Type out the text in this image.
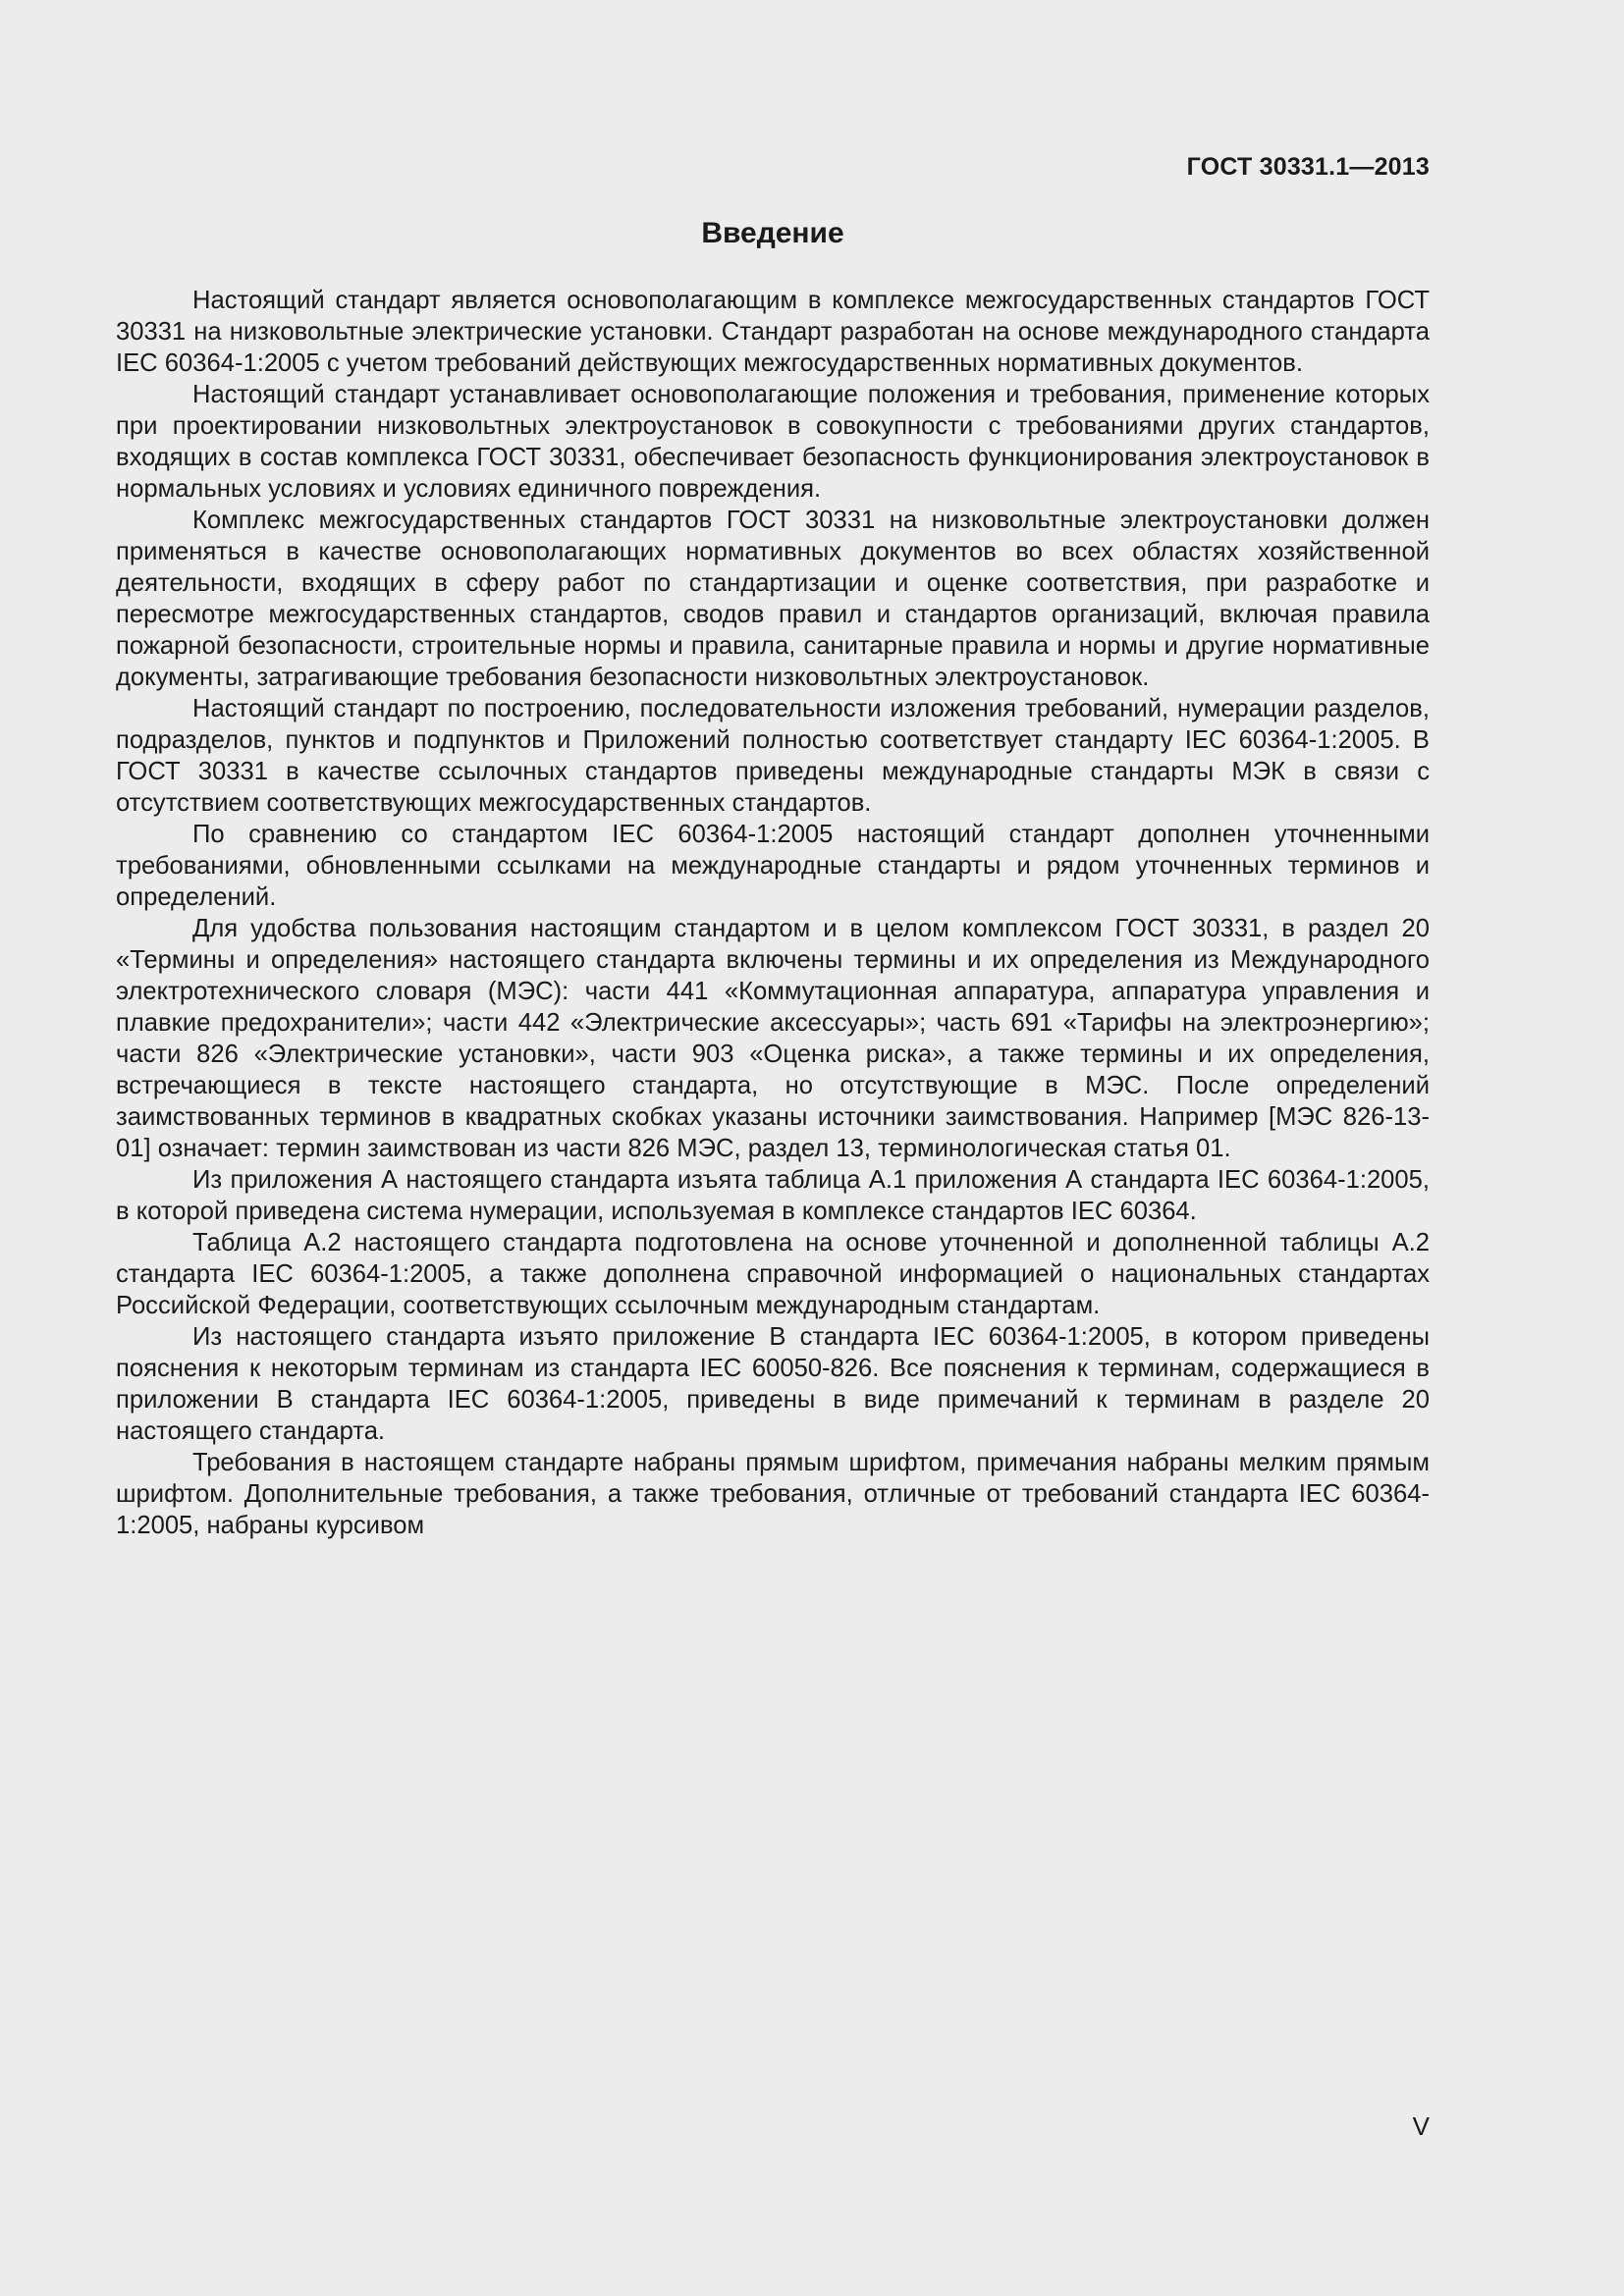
ГОСТ 30331.1—2013
Введение

Настоящий стандарт является основополагающим в комплексе межгосударственных стандартов ГОСТ 30331 на низковольтные электрические установки. Стандарт разработан на основе международного стандарта IEC 60364-1:2005 с учетом требований действующих межгосударственных нормативных документов.

Настоящий стандарт устанавливает основополагающие положения и требования, применение которых при проектировании низковольтных электроустановок в совокупности с требованиями других стандартов, входящих в состав комплекса ГОСТ 30331, обеспечивает безопасность функционирования электроустановок в нормальных условиях и условиях единичного повреждения.

Комплекс межгосударственных стандартов ГОСТ 30331 на низковольтные электроустановки должен применяться в качестве основополагающих нормативных документов во всех областях хозяйственной деятельности, входящих в сферу работ по стандартизации и оценке соответствия, при разработке и пересмотре межгосударственных стандартов, сводов правил и стандартов организаций, включая правила пожарной безопасности, строительные нормы и правила, санитарные правила и нормы и другие нормативные документы, затрагивающие требования безопасности низковольтных электроустановок.

Настоящий стандарт по построению, последовательности изложения требований, нумерации разделов, подразделов, пунктов и подпунктов и Приложений полностью соответствует стандарту IEC 60364-1:2005. В ГОСТ 30331 в качестве ссылочных стандартов приведены международные стандарты МЭК в связи с отсутствием соответствующих межгосударственных стандартов.

По сравнению со стандартом IEC 60364-1:2005 настоящий стандарт дополнен уточненными требованиями, обновленными ссылками на международные стандарты и рядом уточненных терминов и определений.

Для удобства пользования настоящим стандартом и в целом комплексом ГОСТ 30331, в раздел 20 «Термины и определения» настоящего стандарта включены термины и их определения из Международного электротехнического словаря (МЭС): части 441 «Коммутационная аппаратура, аппаратура управления и плавкие предохранители»; части 442 «Электрические аксессуары»; часть 691 «Тарифы на электроэнергию»; части 826 «Электрические установки», части 903 «Оценка риска», а также термины и их определения, встречающиеся в тексте настоящего стандарта, но отсутствующие в МЭС. После определений заимствованных терминов в квадратных скобках указаны источники заимствования. Например [МЭС 826-13-01] означает: термин заимствован из части 826 МЭС, раздел 13, терминологическая статья 01.

Из приложения А настоящего стандарта изъята таблица А.1 приложения А стандарта IEC 60364-1:2005, в которой приведена система нумерации, используемая в комплексе стандартов IEC 60364.

Таблица А.2 настоящего стандарта подготовлена на основе уточненной и дополненной таблицы А.2 стандарта IEC 60364-1:2005, а также дополнена справочной информацией о национальных стандартах Российской Федерации, соответствующих ссылочным международным стандартам.

Из настоящего стандарта изъято приложение В стандарта IEC 60364-1:2005, в котором приведены пояснения к некоторым терминам из стандарта IEC 60050-826. Все пояснения к терминам, содержащиеся в приложении В стандарта IEC 60364-1:2005, приведены в виде примечаний к терминам в разделе 20 настоящего стандарта.

Требования в настоящем стандарте набраны прямым шрифтом, примечания набраны мелким прямым шрифтом. Дополнительные требования, а также требования, отличные от требований стандарта IEC 60364-1:2005, набраны курсивом

V
